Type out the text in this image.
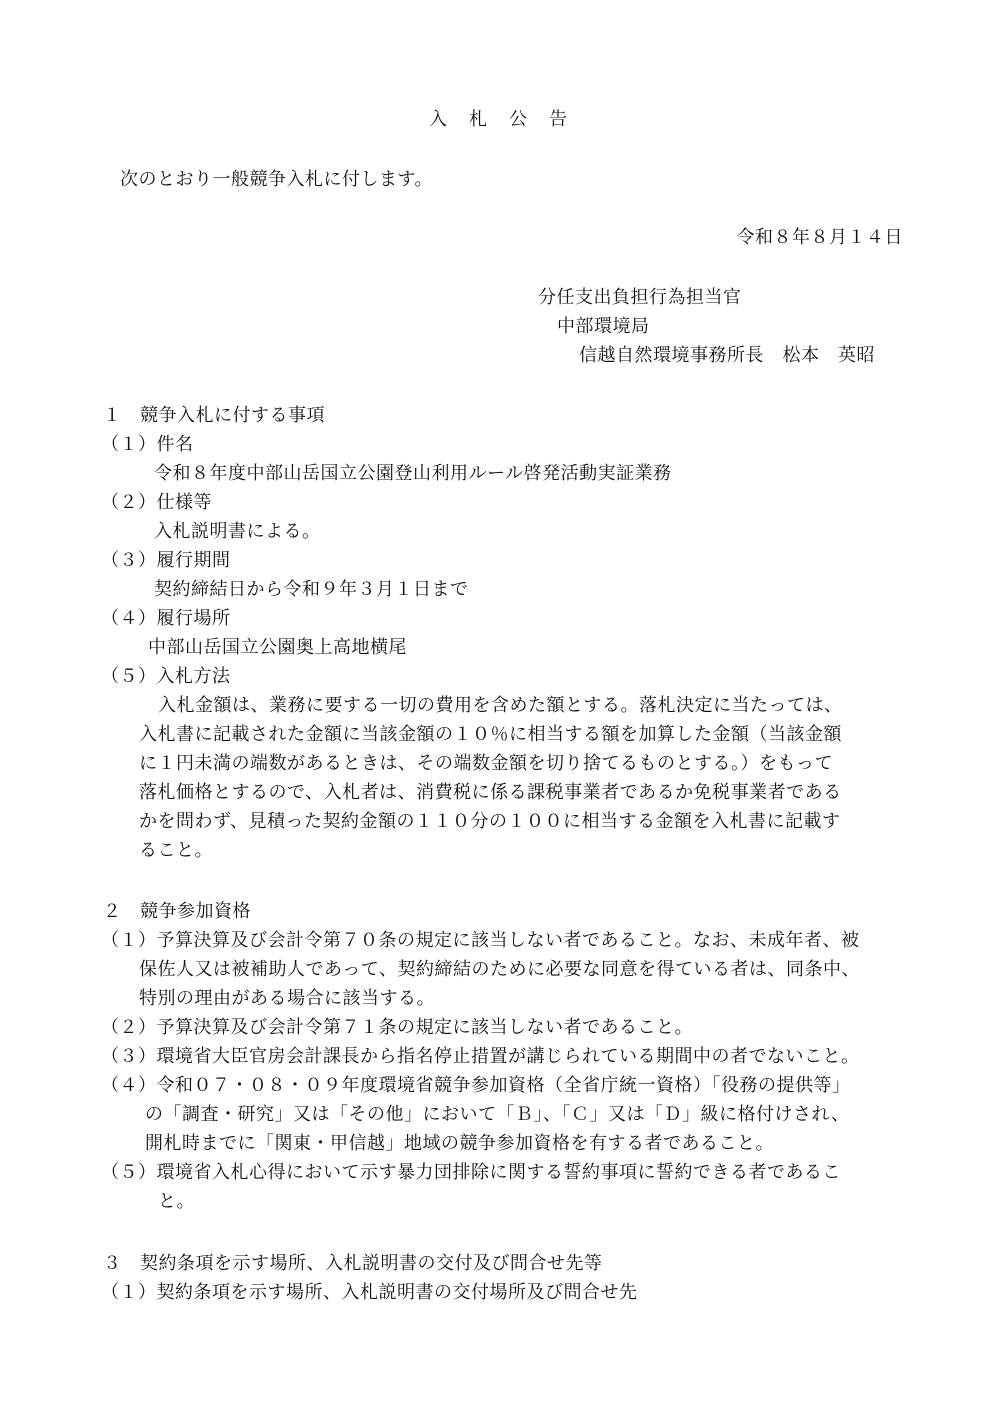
入 札 公 告
次のとおり一般競争入札に付します。
令和８年８月１４日
分任支出負担行為担当官
中部環境局
信越自然環境事務所長　松本　英昭
１　競争入札に付する事項
（１）件名
令和８年度中部山岳国立公園登山利用ルール啓発活動実証業務
（２）仕様等
入札説明書による。
（３）履行期間
契約締結日から令和９年３月１日まで
（４）履行場所
中部山岳国立公園奥上高地横尾
（５）入札方法
入札金額は、業務に要する一切の費用を含めた額とする。落札決定に当たっては、
入札書に記載された金額に当該金額の１０％に相当する額を加算した金額（当該金額
に１円未満の端数があるときは、その端数金額を切り捨てるものとする。）をもって
落札価格とするので、入札者は、消費税に係る課税事業者であるか免税事業者である
かを問わず、見積った契約金額の１１０分の１００に相当する金額を入札書に記載す
ること。
２　競争参加資格
（１）予算決算及び会計令第７０条の規定に該当しない者であること。なお、未成年者、被
保佐人又は被補助人であって、契約締結のために必要な同意を得ている者は、同条中、
特別の理由がある場合に該当する。
（２）予算決算及び会計令第７１条の規定に該当しない者であること。
（３）環境省大臣官房会計課長から指名停止措置が講じられている期間中の者でないこと。
（４）令和０７・０８・０９年度環境省競争参加資格（全省庁統一資格）「役務の提供等」
の「調査・研究」又は「その他」において「Ｂ」、「Ｃ」又は「Ｄ」級に格付けされ、
開札時までに「関東・甲信越」地域の競争参加資格を有する者であること。
（５）環境省入札心得において示す暴力団排除に関する誓約事項に誓約できる者であるこ
と。
３　契約条項を示す場所、入札説明書の交付及び問合せ先等
（１）契約条項を示す場所、入札説明書の交付場所及び問合せ先
